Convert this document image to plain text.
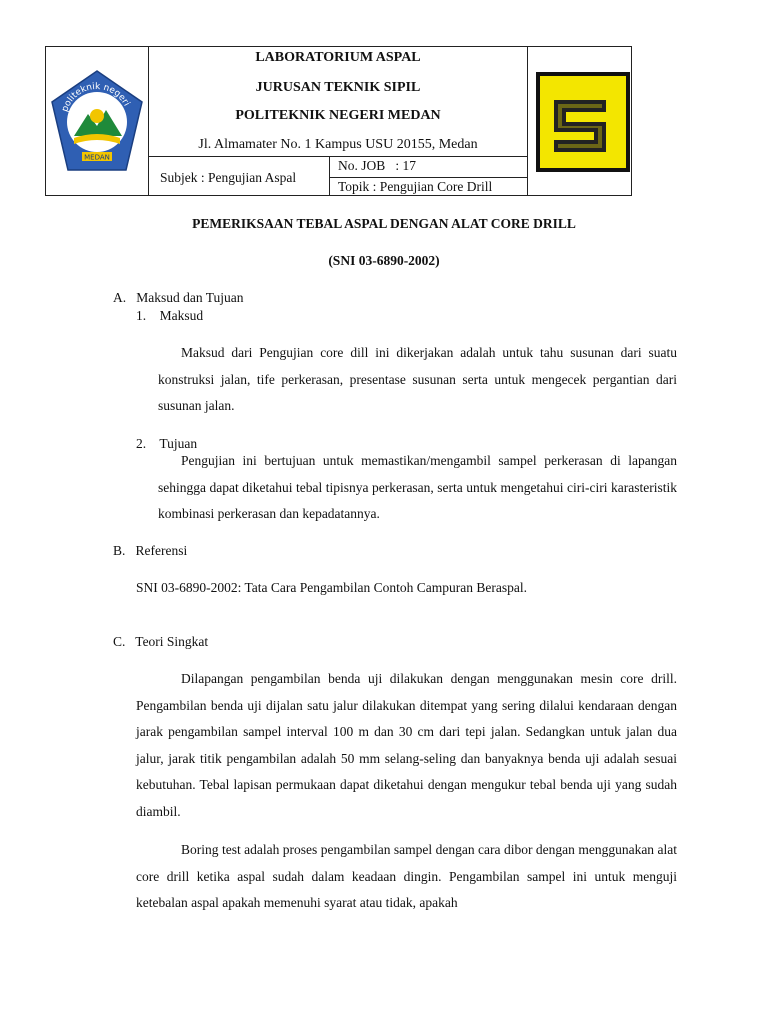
politeknik negeri
MEDAN
LABORATORIUM ASPAL
JURUSAN TEKNIK SIPIL
POLITEKNIK NEGERI MEDAN
Jl. Almamater No. 1 Kampus USU 20155, Medan
Subjek : Pengujian Aspal
No. JOB   : 17
Topik : Pengujian Core Drill
PEMERIKSAAN TEBAL ASPAL DENGAN ALAT CORE DRILL
(SNI 03-6890-2002)
A.   Maksud dan Tujuan
1.    Maksud
Maksud dari Pengujian core dill ini dikerjakan adalah untuk tahu susunan dari suatu konstruksi jalan, tife perkerasan, presentase susunan serta untuk mengecek pergantian dari susunan jalan.
2.    Tujuan
Pengujian ini bertujuan untuk memastikan/mengambil sampel perkerasan di lapangan sehingga dapat diketahui tebal tipisnya perkerasan, serta untuk mengetahui ciri-ciri karasteristik kombinasi perkerasan dan kepadatannya.
B.   Referensi
SNI 03-6890-2002: Tata Cara Pengambilan Contoh Campuran Beraspal.
C.   Teori Singkat
Dilapangan pengambilan benda uji dilakukan dengan menggunakan mesin core drill. Pengambilan benda uji dijalan satu jalur dilakukan ditempat yang sering dilalui kendaraan dengan jarak pengambilan sampel interval 100 m dan 30 cm dari tepi jalan. Sedangkan untuk jalan dua jalur, jarak titik pengambilan adalah 50 mm selang-seling dan banyaknya benda uji adalah sesuai kebutuhan. Tebal lapisan permukaan dapat diketahui dengan mengukur tebal benda uji yang sudah diambil.
Boring test adalah proses pengambilan sampel dengan cara dibor dengan menggunakan alat core drill ketika aspal sudah dalam keadaan dingin. Pengambilan sampel ini untuk menguji ketebalan aspal apakah memenuhi syarat atau tidak, apakah
